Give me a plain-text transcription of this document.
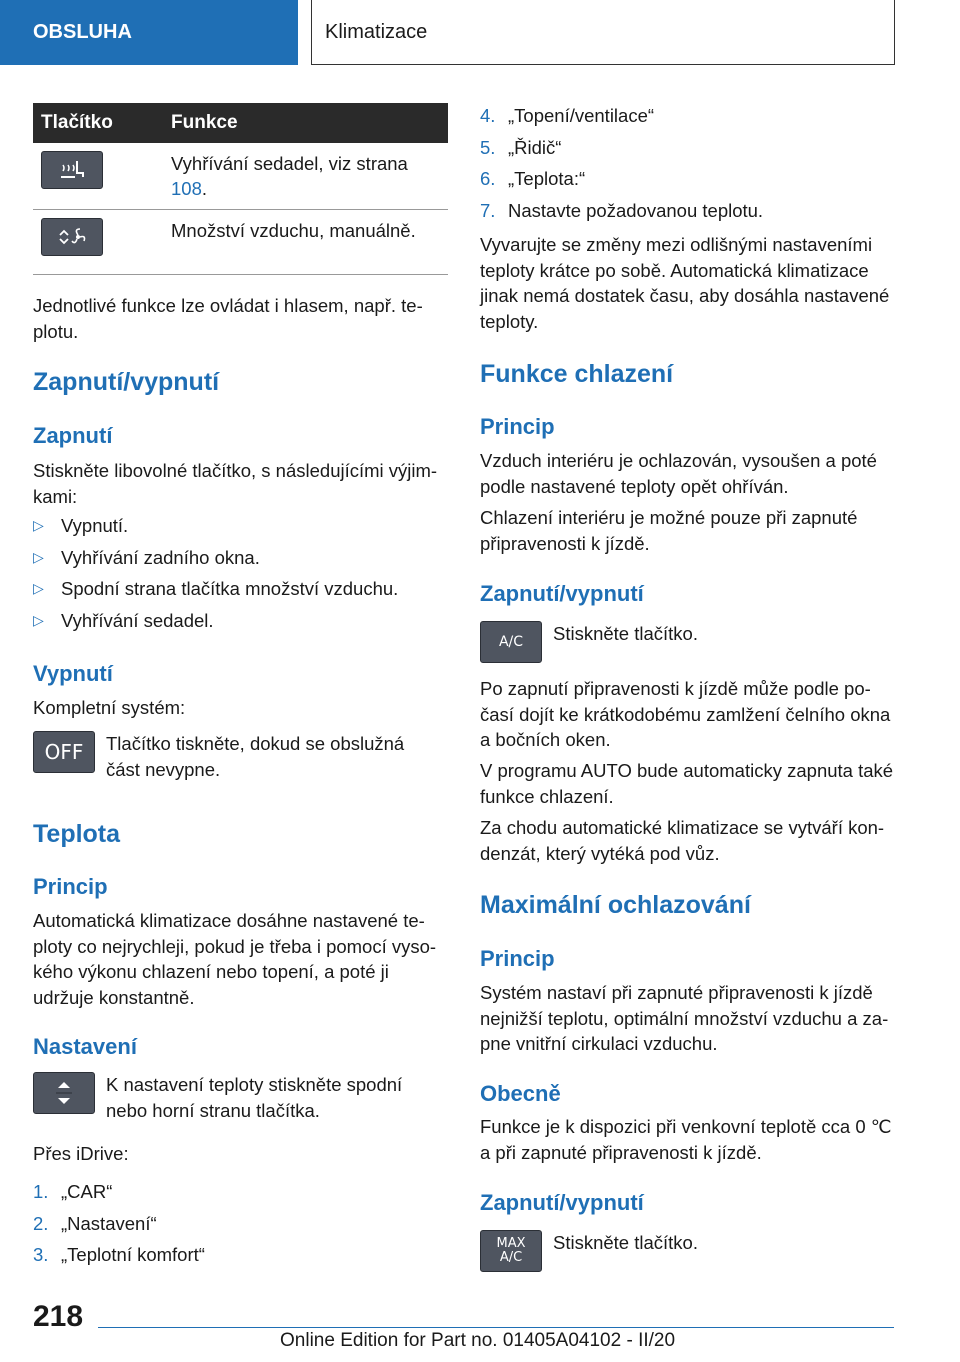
OBSLUHA	Klimatizace
Tlačítko	Funkce

	Vyhřívání sedadel, viz strana 108.

	Množství vzduchu, manuálně.

Jednotlivé funkce lze ovládat i hlasem, např. te-plotu.

Zapnutí/vypnutí
Zapnutí

Stiskněte libovolné tlačítko, s následujícími výjim-kami:

▷ Vypnutí.
▷ Vyhřívání zadního okna.
▷ Spodní strana tlačítka množství vzduchu.
▷ Vyhřívání sedadel.
Vypnutí

Kompletní systém:

OFF	Tlačítko tiskněte, dokud se obslužná část nevypne.

Teplota
Princip

Automatická klimatizace dosáhne nastavené te-ploty co nejrychleji, pokud je třeba i pomocí vyso-kého výkonu chlazení nebo topení, a poté ji udržuje konstantně.

Nastavení

K nastavení teploty stiskněte spodní nebo horní stranu tlačítka.

Přes iDrive:

1. „CAR“
2. „Nastavení“
3. „Teplotní komfort“
4. „Topení/ventilace“
5. „Řidič“
6. „Teplota:“
7. Nastavte požadovanou teplotu.

Vyvarujte se změny mezi odlišnými nastaveními teploty krátce po sobě. Automatická klimatizace jinak nemá dostatek času, aby dosáhla nastavené teploty.

Funkce chlazení
Princip

Vzduch interiéru je ochlazován, vysoušen a poté podle nastavené teploty opět ohříván.

Chlazení interiéru je možné pouze při zapnuté připravenosti k jízdě.

Zapnutí/vypnutí
A/C	Stiskněte tlačítko.

Po zapnutí připravenosti k jízdě může podle po-časí dojít ke krátkodobému zamlžení čelního okna a bočních oken.

V programu AUTO bude automaticky zapnuta také funkce chlazení.

Za chodu automatické klimatizace se vytváří kon-denzát, který vytéká pod vůz.

Maximální ochlazování
Princip

Systém nastaví při zapnuté připravenosti k jízdě nejnižší teplotu, optimální množství vzduchu a za-pne vnitřní cirkulaci vzduchu.

Obecně

Funkce je k dispozici při venkovní teplotě cca 0 ℃ a při zapnuté připravenosti k jízdě.

Zapnutí/vypnutí
MAX
A/C

Stiskněte tlačítko.

218
Online Edition for Part no. 01405A04102 - II/20
